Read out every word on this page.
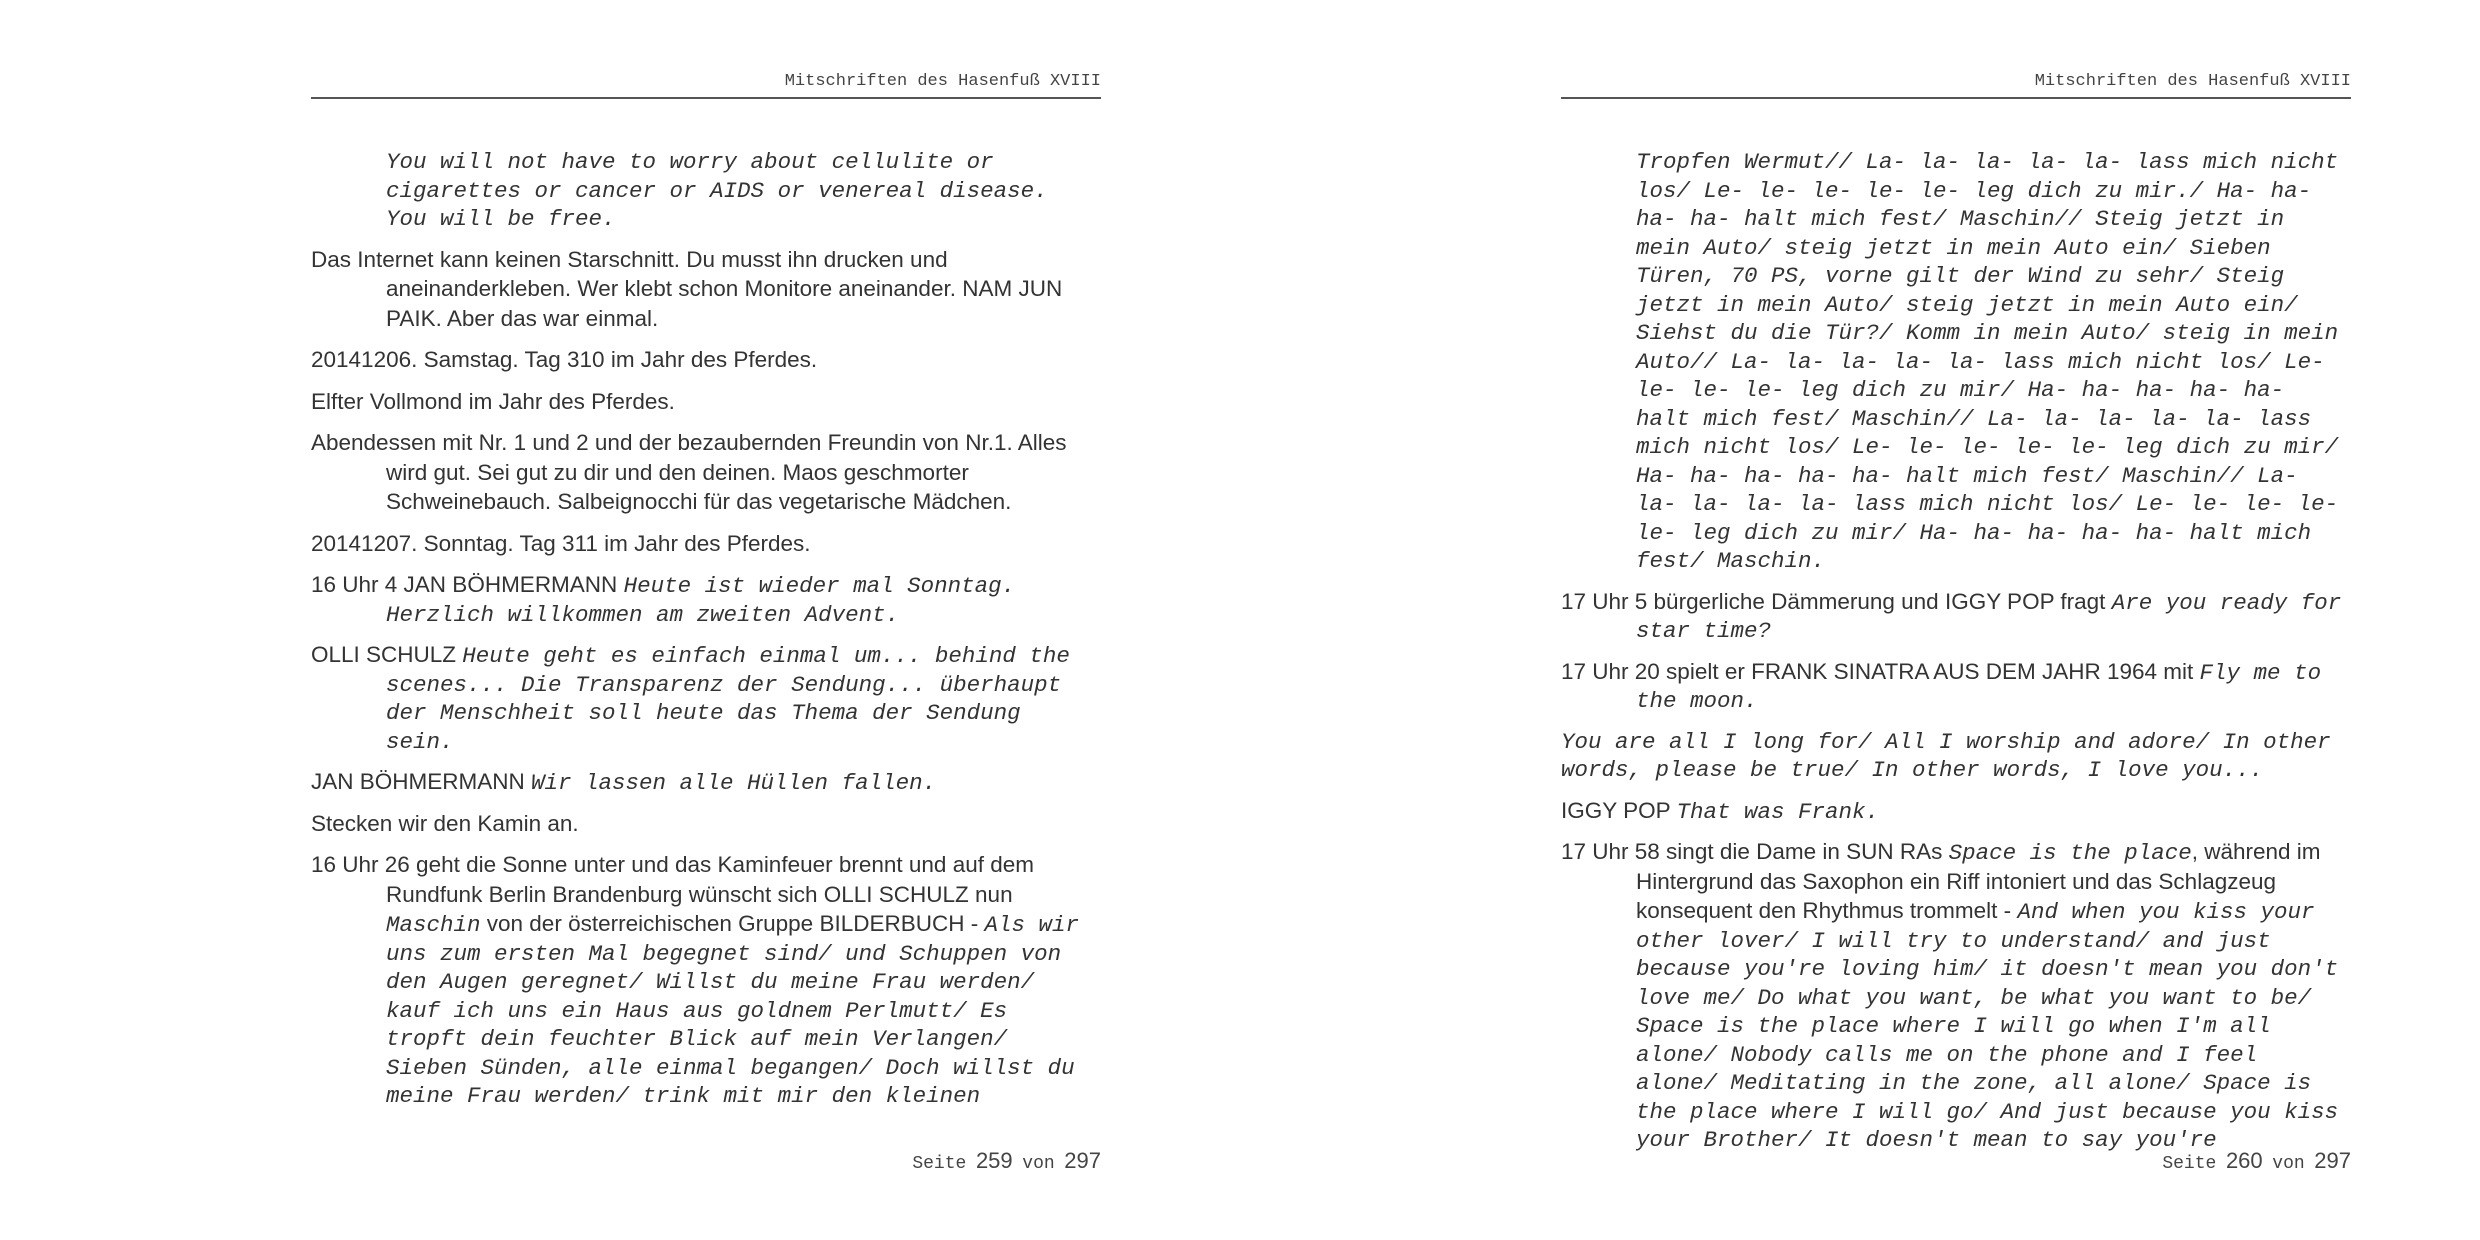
Mitschriften des Hasenfuß XVIII

You will not have to worry about cellulite or cigarettes or cancer or AIDS or venereal disease. You will be free.

Das Internet kann keinen Starschnitt. Du musst ihn drucken und aneinanderkleben. Wer klebt schon Monitore aneinander. NAM JUN PAIK. Aber das war einmal.

20141206. Samstag. Tag 310 im Jahr des Pferdes.

Elfter Vollmond im Jahr des Pferdes.

Abendessen mit Nr. 1 und 2 und der bezaubernden Freundin von Nr.1. Alles wird gut. Sei gut zu dir und den deinen. Maos geschmorter Schweinebauch. Salbeignocchi für das vegetarische Mädchen.

20141207. Sonntag. Tag 311 im Jahr des Pferdes.

16 Uhr 4 JAN BÖHMERMANN Heute ist wieder mal Sonntag. Herzlich willkommen am zweiten Advent.

OLLI SCHULZ Heute geht es einfach einmal um... behind the scenes... Die Transparenz der Sendung... überhaupt der Menschheit soll heute das Thema der Sendung sein.

JAN BÖHMERMANN Wir lassen alle Hüllen fallen.

Stecken wir den Kamin an.

16 Uhr 26 geht die Sonne unter und das Kaminfeuer brennt und auf dem Rundfunk Berlin Brandenburg wünscht sich OLLI SCHULZ nun Maschin von der österreichischen Gruppe BILDERBUCH - Als wir uns zum ersten Mal begegnet sind/ und Schuppen von den Augen geregnet/ Willst du meine Frau werden/ kauf ich uns ein Haus aus goldnem Perlmutt/ Es tropft dein feuchter Blick auf mein Verlangen/ Sieben Sünden, alle einmal begangen/ Doch willst du meine Frau werden/ trink mit mir den kleinen

Seite 259 von 297
Mitschriften des Hasenfuß XVIII

Tropfen Wermut// La- la- la- la- la- lass mich nicht los/ Le- le- le- le- le- leg dich zu mir./ Ha- ha- ha- ha- halt mich fest/ Maschin// Steig jetzt in mein Auto/ steig jetzt in mein Auto ein/ Sieben Türen, 70 PS, vorne gilt der Wind zu sehr/ Steig jetzt in mein Auto/ steig jetzt in mein Auto ein/ Siehst du die Tür?/ Komm in mein Auto/ steig in mein Auto// La- la- la- la- la- lass mich nicht los/ Le- le- le- le- leg dich zu mir/ Ha- ha- ha- ha- ha- halt mich fest/ Maschin// La- la- la- la- la- lass mich nicht los/ Le- le- le- le- le- leg dich zu mir/ Ha- ha- ha- ha- ha- halt mich fest/ Maschin// La- la- la- la- la- lass mich nicht los/ Le- le- le- le- le- leg dich zu mir/ Ha- ha- ha- ha- ha- halt mich fest/ Maschin.

17 Uhr 5 bürgerliche Dämmerung und IGGY POP fragt Are you ready for star time?

17 Uhr 20 spielt er FRANK SINATRA AUS DEM JAHR 1964 mit Fly me to the moon.

You are all I long for/ All I worship and adore/ In other words, please be true/ In other words, I love you...

IGGY POP That was Frank.

17 Uhr 58 singt die Dame in SUN RAs Space is the place, während im Hintergrund das Saxophon ein Riff intoniert und das Schlagzeug konsequent den Rhythmus trommelt - And when you kiss your other lover/ I will try to understand/ and just because you're loving him/ it doesn't mean you don't love me/ Do what you want, be what you want to be/ Space is the place where I will go when I'm all alone/ Nobody calls me on the phone and I feel alone/ Meditating in the zone, all alone/ Space is the place where I will go/ And just because you kiss your Brother/ It doesn't mean to say you're

Seite 260 von 297
